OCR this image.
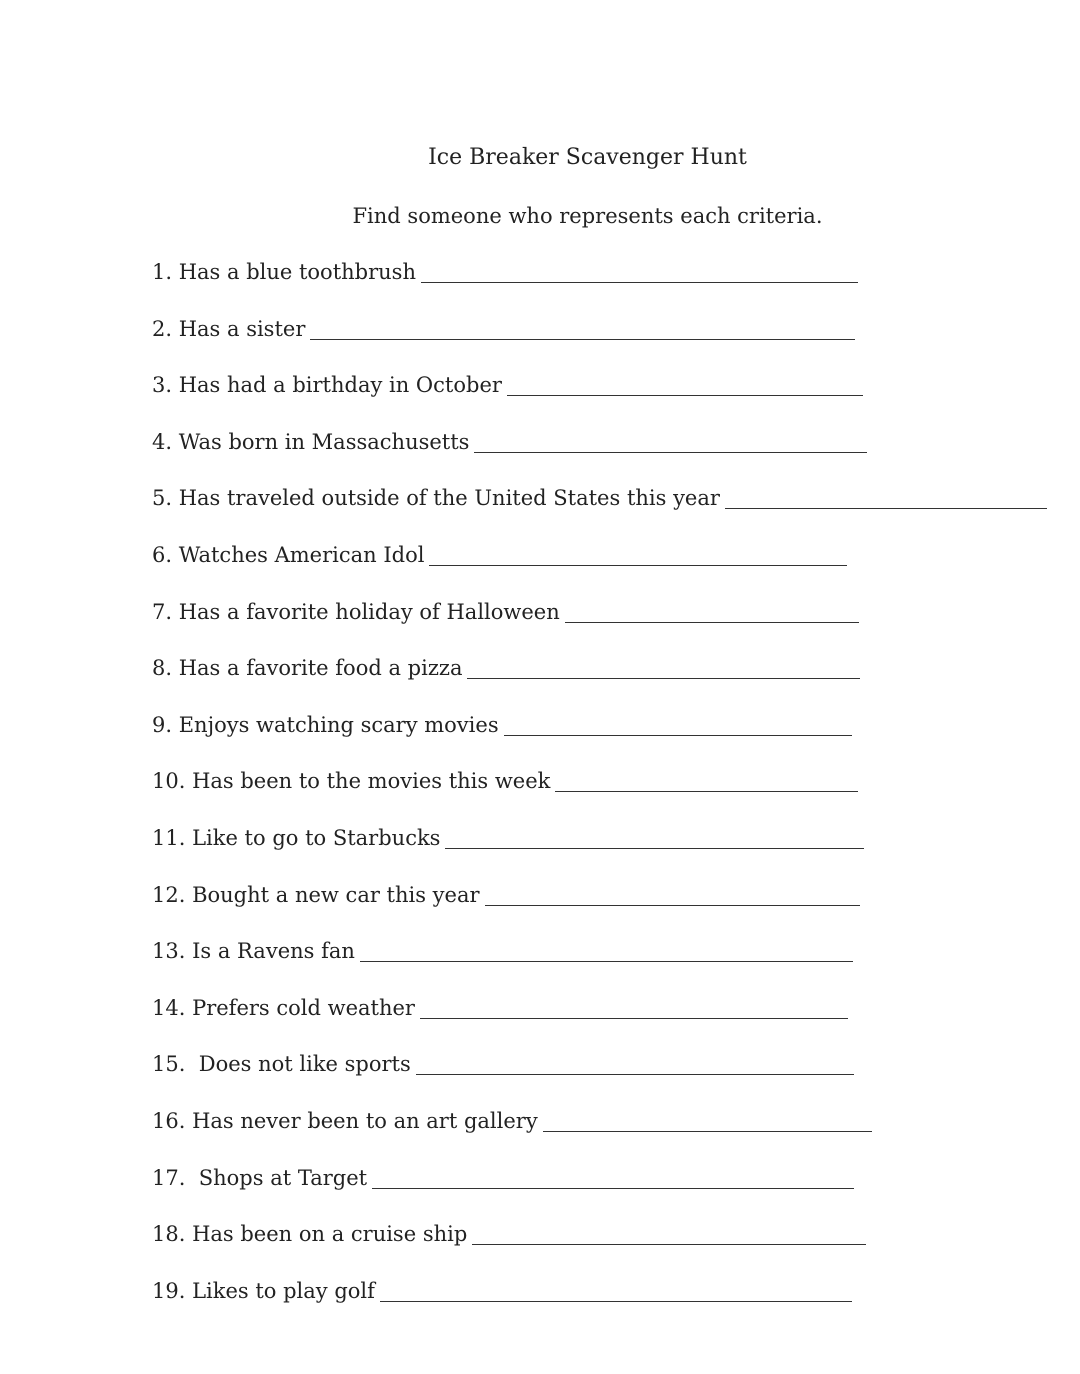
Ice Breaker Scavenger Hunt

Find someone who represents each criteria.

1. Has a blue toothbrush
2. Has a sister
3. Has had a birthday in October
4. Was born in Massachusetts
5. Has traveled outside of the United States this year
6. Watches American Idol
7. Has a favorite holiday of Halloween
8. Has a favorite food a pizza
9. Enjoys watching scary movies
10. Has been to the movies this week
11. Like to go to Starbucks
12. Bought a new car this year
13. Is a Ravens fan
14. Prefers cold weather
15.  Does not like sports
16. Has never been to an art gallery
17.  Shops at Target
18. Has been on a cruise ship
19. Likes to play golf
